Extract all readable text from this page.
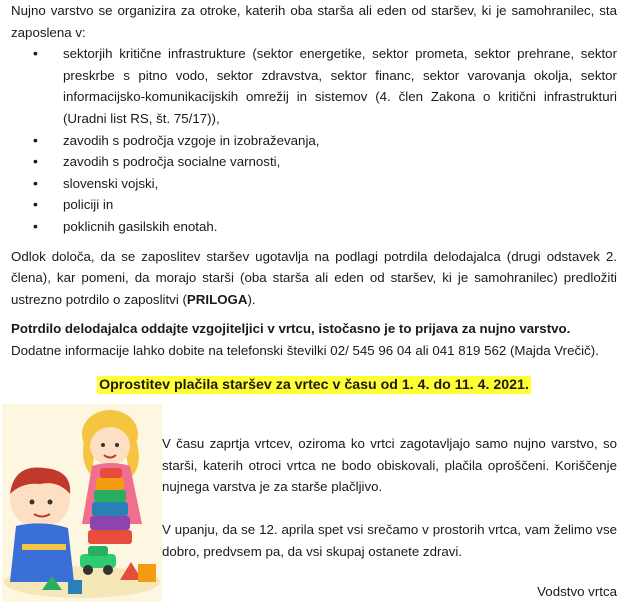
Nujno varstvo se organizira za otroke, katerih oba starša ali eden od staršev, ki je samohranilec, sta zaposlena v:

• sektorjih kritične infrastrukture (sektor energetike, sektor prometa, sektor prehrane, sektor preskrbe s pitno vodo, sektor zdravstva, sektor financ, sektor varovanja okolja, sektor informacijsko-komunikacijskih omrežij in sistemov (4. člen Zakona o kritični infrastrukturi (Uradni list RS, št. 75/17)),
• zavodih s področja vzgoje in izobraževanja,
• zavodih s področja socialne varnosti,
• slovenski vojski,
• policiji in
• poklicnih gasilskih enotah.

Odlok določa, da se zaposlitev staršev ugotavlja na podlagi potrdila delodajalca (drugi odstavek 2. člena), kar pomeni, da morajo starši (oba starša ali eden od staršev, ki je samohranilec) predložiti ustrezno potrdilo o zaposlitvi (PRILOGA).

Potrdilo delodajalca oddajte vzgojiteljici v vrtcu, istočasno je to prijava za nujno varstvo.

Dodatne informacije lahko dobite na telefonski številki 02/ 545 96 04 ali 041 819 562 (Majda Vrečič).

Oprostitev plačila staršev za vrtec v času od 1. 4. do 11. 4. 2021.

V času zaprtja vrtcev, oziroma ko vrtci zagotavljajo samo nujno varstvo, so starši, katerih otroci vrtca ne bodo obiskovali, plačila oproščeni. Koriščenje nujnega varstva je za starše plačljivo.

V upanju, da se 12. aprila spet vsi srečamo v prostorih vrtca, vam želimo vse dobro, predvsem pa, da vsi skupaj ostanete zdravi.

Vodstvo vrtca
